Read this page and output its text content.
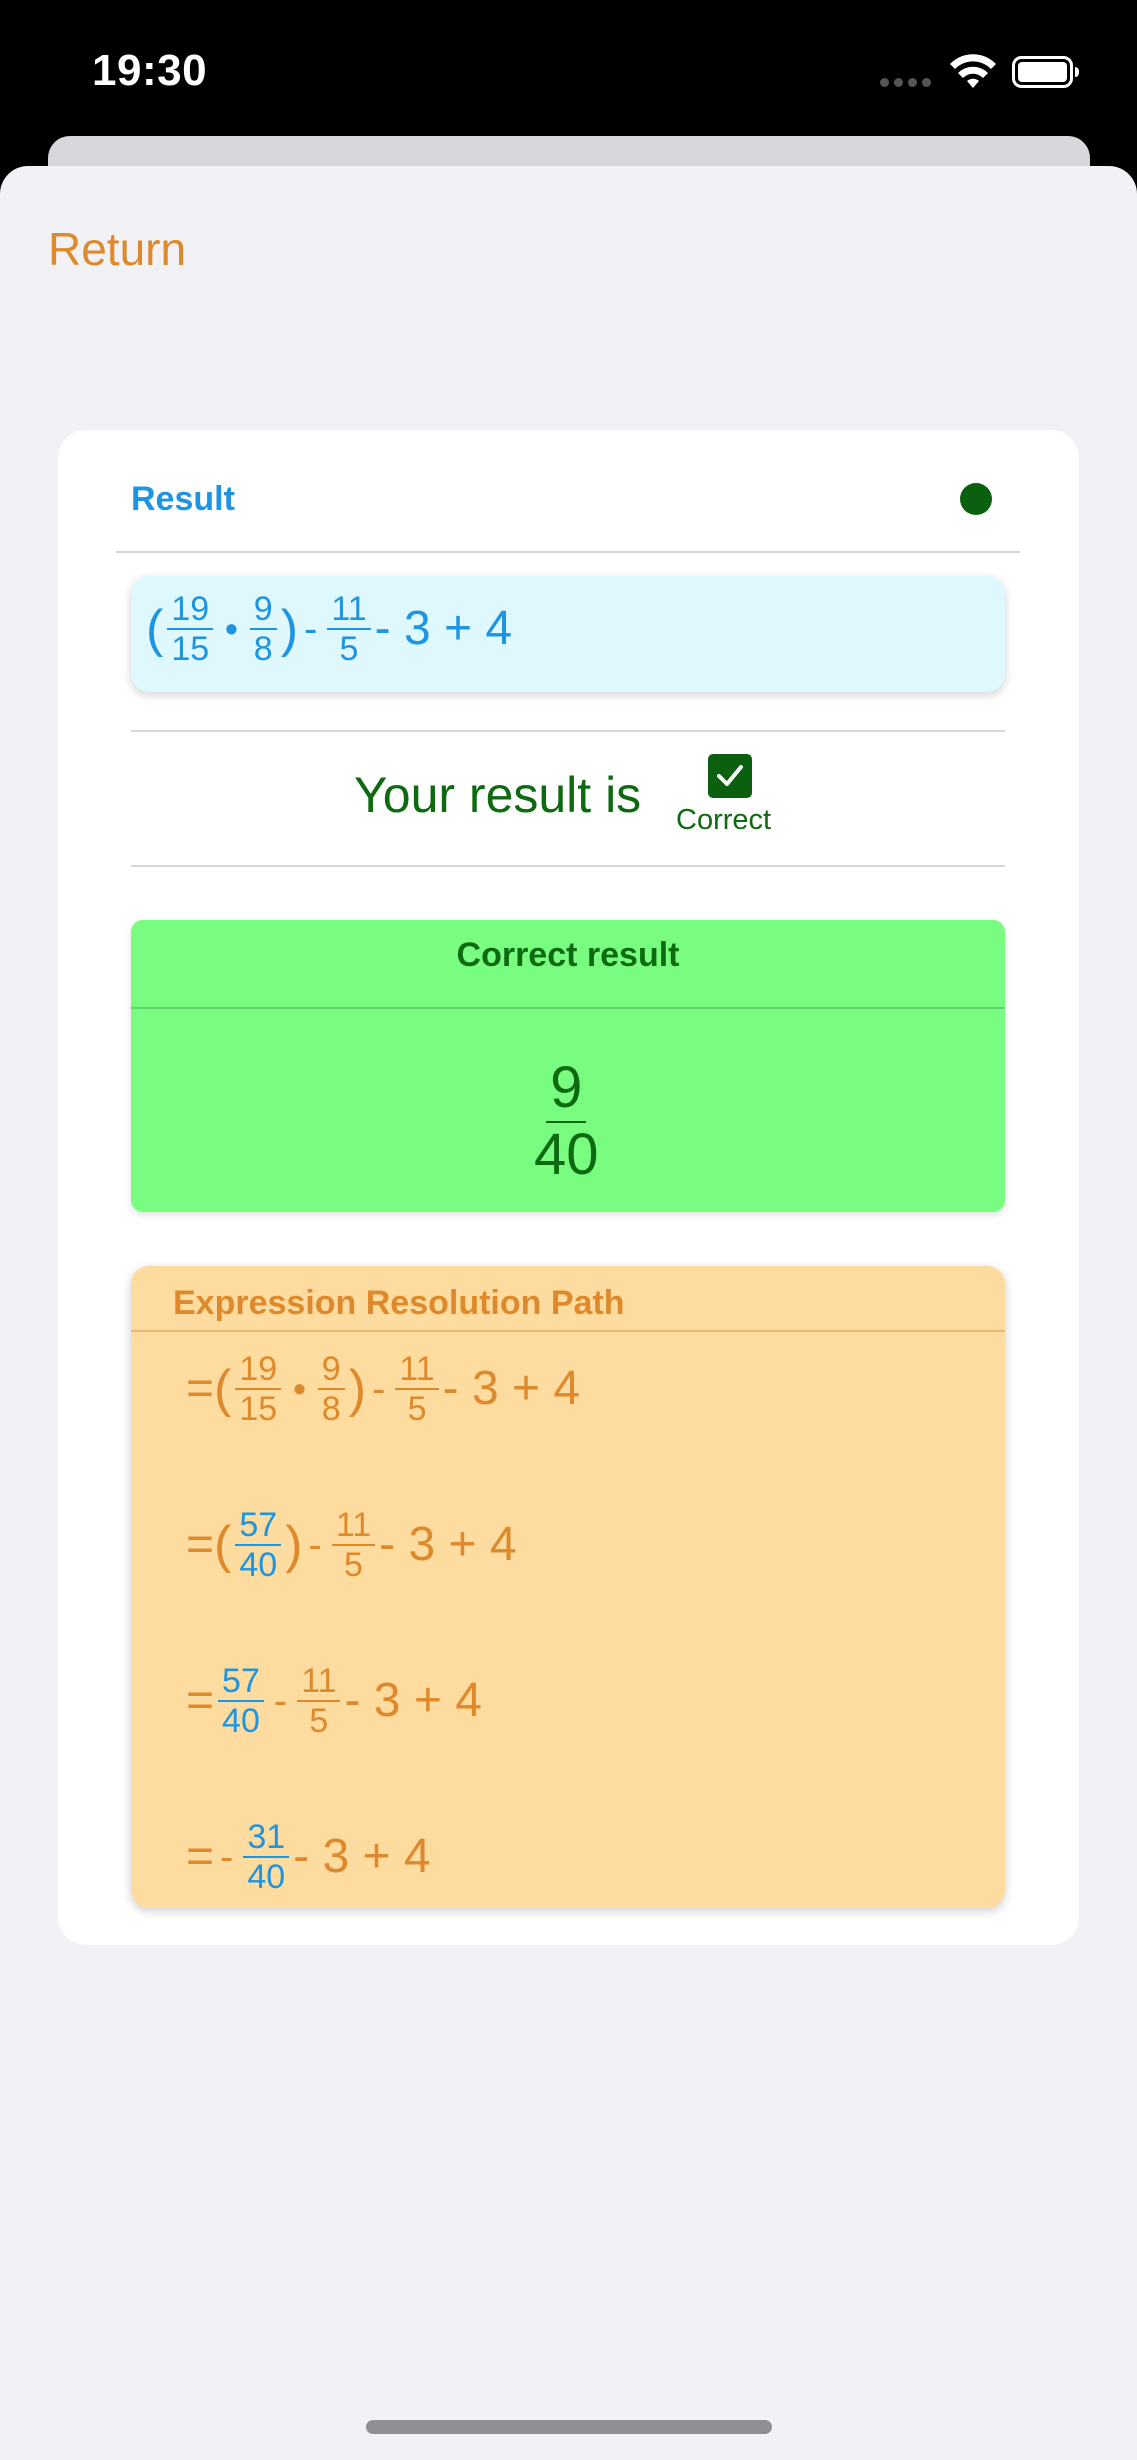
19:30
Return
Result
( $\frac{19}{15}$ • $\frac{9}{8}$ ) - $\frac{11}{5} - 3 + 4$
Your result is Correct
Correct result
$\frac{9}{40}$
Expression Resolution Path
= ( $\frac{19}{15}$ • $\frac{9}{8}$ ) - $\frac{11}{5} - 3 + 4$
= ( $\frac{57}{40}$ ) - $\frac{11}{5} - 3 + 4$
= $\frac{57}{40} - \frac{11}{5} - 3 + 4$
= - $\frac{31}{40} - 3 + 4$
